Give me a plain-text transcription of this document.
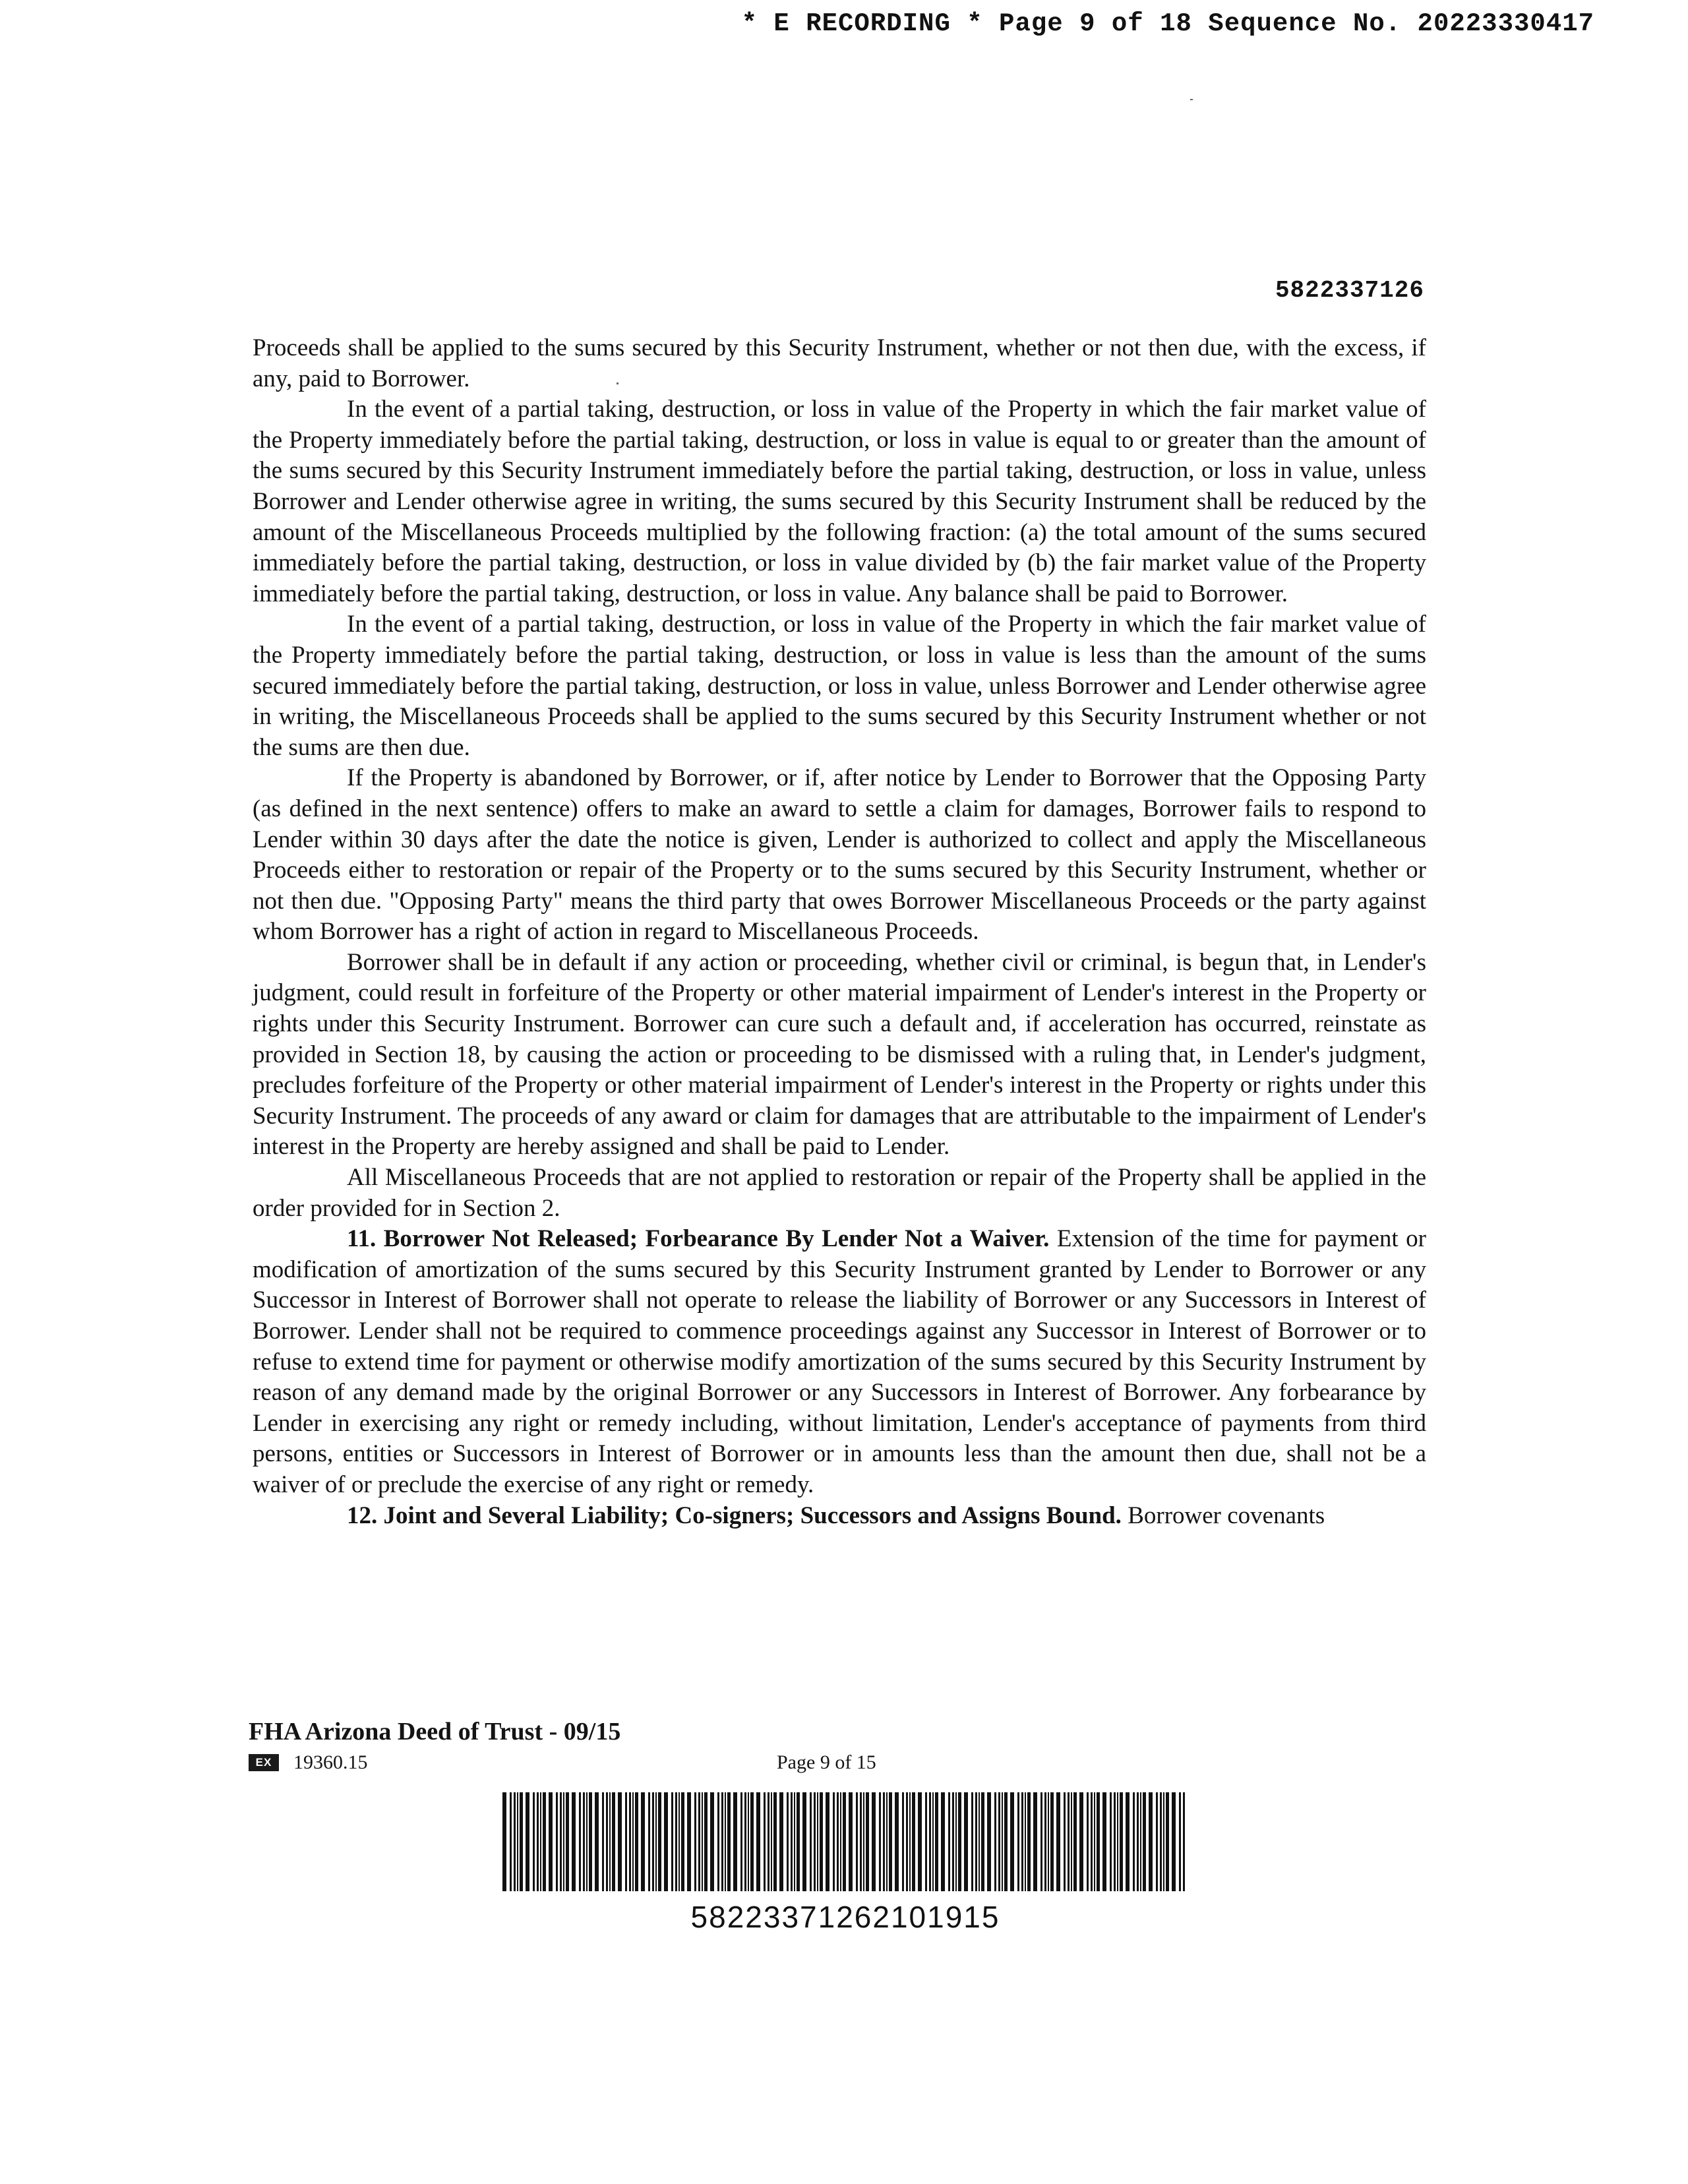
* E RECORDING * Page 9 of 18 Sequence No. 20223330417
5822337126

Proceeds shall be applied to the sums secured by this Security Instrument, whether or not then due, with the excess, if any, paid to Borrower.

In the event of a partial taking, destruction, or loss in value of the Property in which the fair market value of the Property immediately before the partial taking, destruction, or loss in value is equal to or greater than the amount of the sums secured by this Security Instrument immediately before the partial taking, destruction, or loss in value, unless Borrower and Lender otherwise agree in writing, the sums secured by this Security Instrument shall be reduced by the amount of the Miscellaneous Proceeds multiplied by the following fraction: (a) the total amount of the sums secured immediately before the partial taking, destruction, or loss in value divided by (b) the fair market value of the Property immediately before the partial taking, destruction, or loss in value. Any balance shall be paid to Borrower.

In the event of a partial taking, destruction, or loss in value of the Property in which the fair market value of the Property immediately before the partial taking, destruction, or loss in value is less than the amount of the sums secured immediately before the partial taking, destruction, or loss in value, unless Borrower and Lender otherwise agree in writing, the Miscellaneous Proceeds shall be applied to the sums secured by this Security Instrument whether or not the sums are then due.

If the Property is abandoned by Borrower, or if, after notice by Lender to Borrower that the Opposing Party (as defined in the next sentence) offers to make an award to settle a claim for damages, Borrower fails to respond to Lender within 30 days after the date the notice is given, Lender is authorized to collect and apply the Miscellaneous Proceeds either to restoration or repair of the Property or to the sums secured by this Security Instrument, whether or not then due. "Opposing Party" means the third party that owes Borrower Miscellaneous Proceeds or the party against whom Borrower has a right of action in regard to Miscellaneous Proceeds.

Borrower shall be in default if any action or proceeding, whether civil or criminal, is begun that, in Lender's judgment, could result in forfeiture of the Property or other material impairment of Lender's interest in the Property or rights under this Security Instrument. Borrower can cure such a default and, if acceleration has occurred, reinstate as provided in Section 18, by causing the action or proceeding to be dismissed with a ruling that, in Lender's judgment, precludes forfeiture of the Property or other material impairment of Lender's interest in the Property or rights under this Security Instrument. The proceeds of any award or claim for damages that are attributable to the impairment of Lender's interest in the Property are hereby assigned and shall be paid to Lender.

All Miscellaneous Proceeds that are not applied to restoration or repair of the Property shall be applied in the order provided for in Section 2.

11. Borrower Not Released; Forbearance By Lender Not a Waiver. Extension of the time for payment or modification of amortization of the sums secured by this Security Instrument granted by Lender to Borrower or any Successor in Interest of Borrower shall not operate to release the liability of Borrower or any Successors in Interest of Borrower. Lender shall not be required to commence proceedings against any Successor in Interest of Borrower or to refuse to extend time for payment or otherwise modify amortization of the sums secured by this Security Instrument by reason of any demand made by the original Borrower or any Successors in Interest of Borrower. Any forbearance by Lender in exercising any right or remedy including, without limitation, Lender's acceptance of payments from third persons, entities or Successors in Interest of Borrower or in amounts less than the amount then due, shall not be a waiver of or preclude the exercise of any right or remedy.

12. Joint and Several Liability; Co-signers; Successors and Assigns Bound. Borrower covenants

FHA Arizona Deed of Trust - 09/15
EX	19360.15	Page 9 of 15
58223371262101915
